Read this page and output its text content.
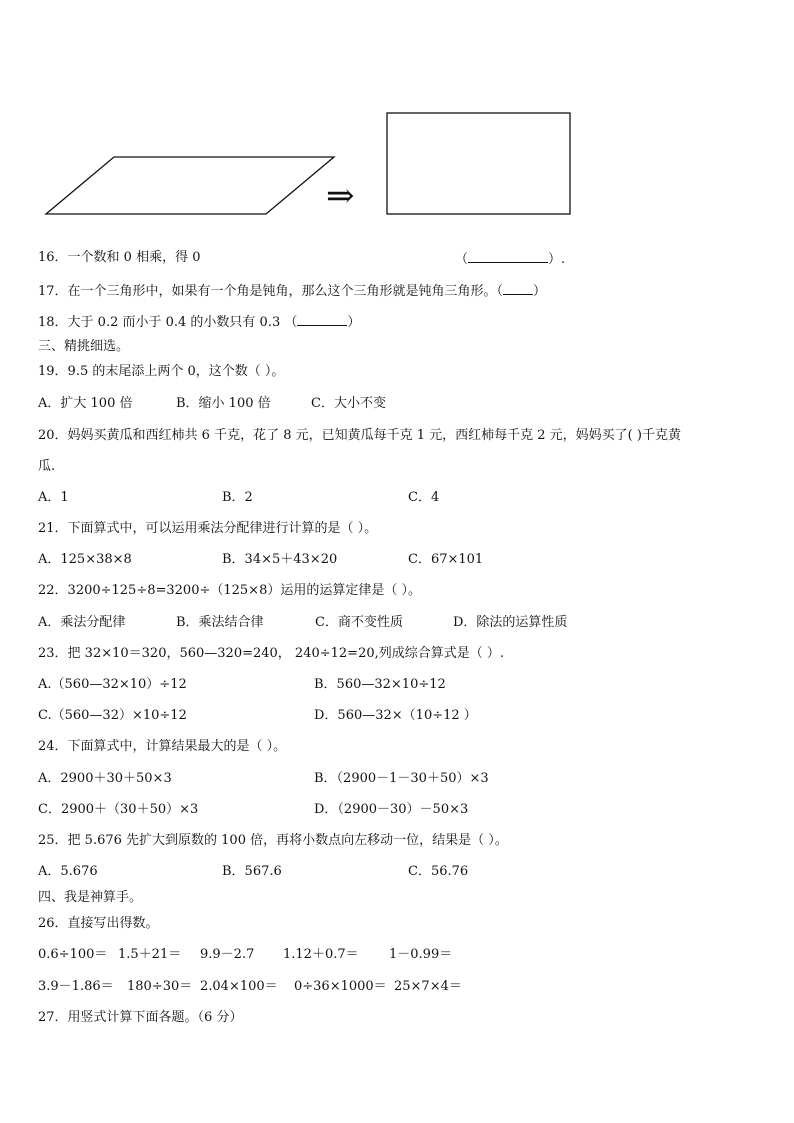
⇒
16．一个数和 0 相乘，得 0	（	）.
17．在一个三角形中，如果有一个角是钝角，那么这个三角形就是钝角三角形。（ ）
18．大于 0.2 而小于 0.4 的小数只有 0.3 （	）
三、精挑细选。
19．9.5 的末尾添上两个 0，这个数（ ）。
A．扩大 100 倍	B．缩小 100 倍	C．大小不变
20．妈妈买黄瓜和西红柿共 6 千克，花了 8 元，已知黄瓜每千克 1 元，西红柿每千克 2 元，妈妈买了( )千克黄
瓜.
A．1	B．2	C．4
21．下面算式中，可以运用乘法分配律进行计算的是（ ）。
A．125×38×8	B．34×5＋43×20	C．67×101
22．3200÷125÷8=3200÷（125×8）运用的运算定律是（ ）。
A．乘法分配律	B．乘法结合律	C．商不变性质	D．除法的运算性质
23．把 32×10＝320，560—320=240， 240÷12=20,列成综合算式是（ ）.
A.（560—32×10）÷12	B．560—32×10÷12
C.（560—32）×10÷12	D．560—32×（10÷12 ）
24．下面算式中，计算结果最大的是（ ）。
A．2900＋30＋50×3	B．（2900－1－30＋50）×3
C．2900＋（30＋50）×3	D．（2900－30）－50×3
25．把 5.676 先扩大到原数的 100 倍，再将小数点向左移动一位，结果是（ ）。
A．5.676	B．567.6	C．56.76
四、我是神算手。
26．直接写出得数。
0.6÷100＝ 1.5＋21＝ 9.9－2.7 1.12＋0.7＝ 1－0.99＝
3.9－1.86＝ 180÷30＝ 2.04×100＝ 0÷36×1000＝ 25×7×4＝
27．用竖式计算下面各题。（6 分）
